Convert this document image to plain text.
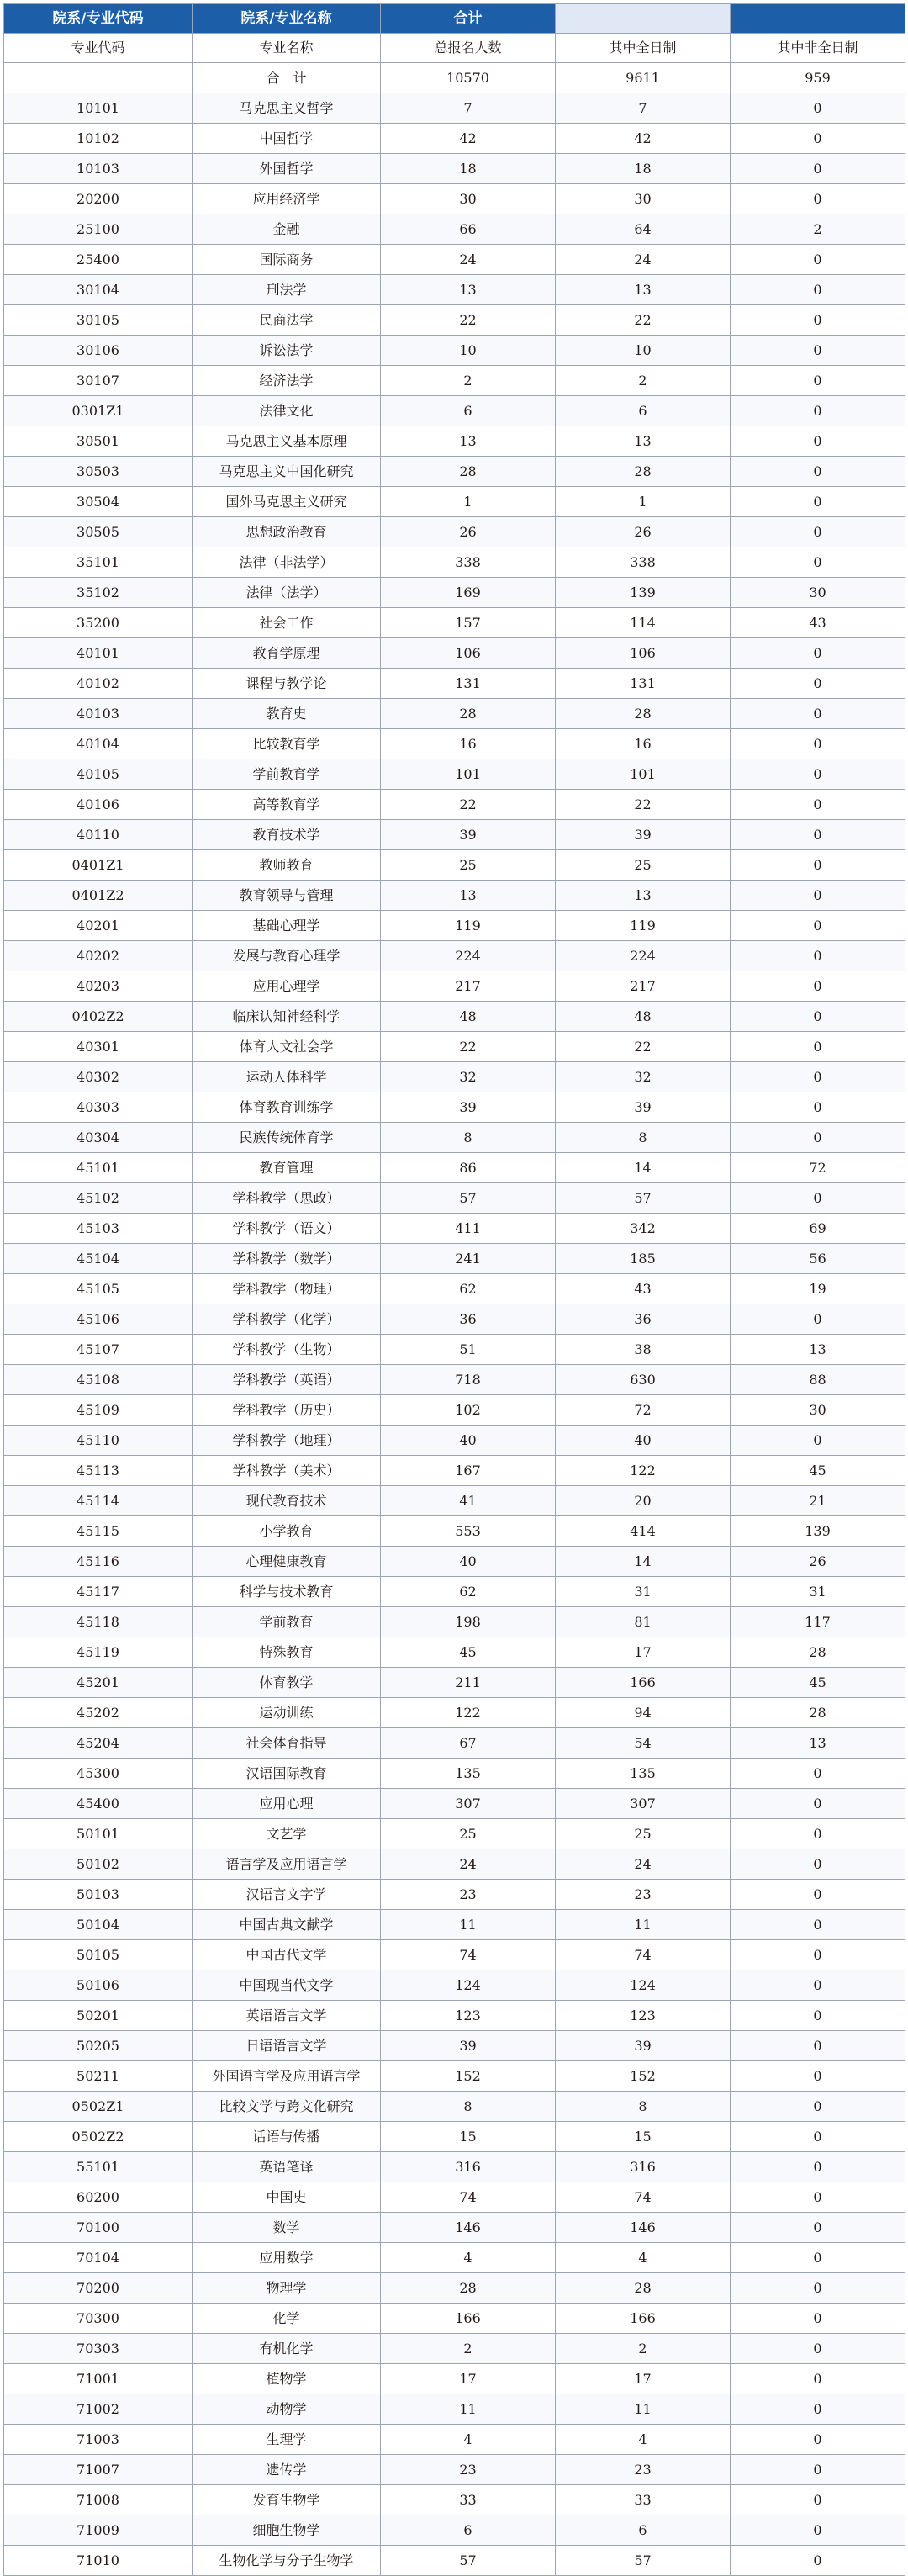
院系/专业代码	院系/专业名称	合计		
专业代码	专业名称	总报名人数	其中全日制	其中非全日制
	合　计	10570	9611	959
10101	马克思主义哲学	7	7	0
10102	中国哲学	42	42	0
10103	外国哲学	18	18	0
20200	应用经济学	30	30	0
25100	金融	66	64	2
25400	国际商务	24	24	0
30104	刑法学	13	13	0
30105	民商法学	22	22	0
30106	诉讼法学	10	10	0
30107	经济法学	2	2	0
0301Z1	法律文化	6	6	0
30501	马克思主义基本原理	13	13	0
30503	马克思主义中国化研究	28	28	0
30504	国外马克思主义研究	1	1	0
30505	思想政治教育	26	26	0
35101	法律（非法学）	338	338	0
35102	法律（法学）	169	139	30
35200	社会工作	157	114	43
40101	教育学原理	106	106	0
40102	课程与教学论	131	131	0
40103	教育史	28	28	0
40104	比较教育学	16	16	0
40105	学前教育学	101	101	0
40106	高等教育学	22	22	0
40110	教育技术学	39	39	0
0401Z1	教师教育	25	25	0
0401Z2	教育领导与管理	13	13	0
40201	基础心理学	119	119	0
40202	发展与教育心理学	224	224	0
40203	应用心理学	217	217	0
0402Z2	临床认知神经科学	48	48	0
40301	体育人文社会学	22	22	0
40302	运动人体科学	32	32	0
40303	体育教育训练学	39	39	0
40304	民族传统体育学	8	8	0
45101	教育管理	86	14	72
45102	学科教学（思政）	57	57	0
45103	学科教学（语文）	411	342	69
45104	学科教学（数学）	241	185	56
45105	学科教学（物理）	62	43	19
45106	学科教学（化学）	36	36	0
45107	学科教学（生物）	51	38	13
45108	学科教学（英语）	718	630	88
45109	学科教学（历史）	102	72	30
45110	学科教学（地理）	40	40	0
45113	学科教学（美术）	167	122	45
45114	现代教育技术	41	20	21
45115	小学教育	553	414	139
45116	心理健康教育	40	14	26
45117	科学与技术教育	62	31	31
45118	学前教育	198	81	117
45119	特殊教育	45	17	28
45201	体育教学	211	166	45
45202	运动训练	122	94	28
45204	社会体育指导	67	54	13
45300	汉语国际教育	135	135	0
45400	应用心理	307	307	0
50101	文艺学	25	25	0
50102	语言学及应用语言学	24	24	0
50103	汉语言文字学	23	23	0
50104	中国古典文献学	11	11	0
50105	中国古代文学	74	74	0
50106	中国现当代文学	124	124	0
50201	英语语言文学	123	123	0
50205	日语语言文学	39	39	0
50211	外国语言学及应用语言学	152	152	0
0502Z1	比较文学与跨文化研究	8	8	0
0502Z2	话语与传播	15	15	0
55101	英语笔译	316	316	0
60200	中国史	74	74	0
70100	数学	146	146	0
70104	应用数学	4	4	0
70200	物理学	28	28	0
70300	化学	166	166	0
70303	有机化学	2	2	0
71001	植物学	17	17	0
71002	动物学	11	11	0
71003	生理学	4	4	0
71007	遗传学	23	23	0
71008	发育生物学	33	33	0
71009	细胞生物学	6	6	0
71010	生物化学与分子生物学	57	57	0
